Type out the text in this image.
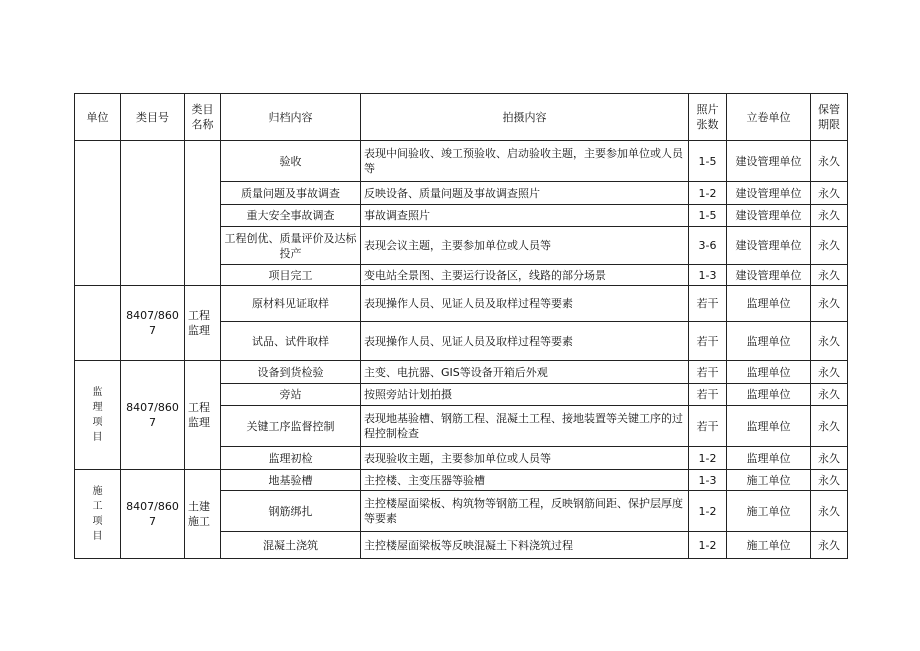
单位	类目号	类目名称	归档内容	拍摄内容	照片张数	立卷单位	保管期限

			验收	表现中间验收、竣工预验收、启动验收主题，主要参加单位或人员等	1-5	建设管理单位	永久
			质量问题及事故调查	反映设备、质量问题及事故调查照片	1-2	建设管理单位	永久
			重大安全事故调查	事故调查照片	1-5	建设管理单位	永久
			工程创优、质量评价及达标投产	表现会议主题，主要参加单位或人员等	3-6	建设管理单位	永久
			项目完工	变电站全景图、主要运行设备区，线路的部分场景	1-3	建设管理单位	永久

	8407/8607	工程监理	原材料见证取样	表现操作人员、见证人员及取样过程等要素	若干	监理单位	永久
			试品、试件取样	表现操作人员、见证人员及取样过程等要素	若干	监理单位	永久

监理项目	8407/8607	工程监理	设备到货检验	主变、电抗器、GIS等设备开箱后外观	若干	监理单位	永久
			旁站	按照旁站计划拍摄	若干	监理单位	永久
			关键工序监督控制	表现地基验槽、钢筋工程、混凝土工程、接地装置等关键工序的过程控制检查	若干	监理单位	永久
			监理初检	表现验收主题，主要参加单位或人员等	1-2	监理单位	永久

施工项目	8407/8607	土建施工	地基验槽	主控楼、主变压器等验槽	1-3	施工单位	永久
			钢筋绑扎	主控楼屋面梁板、构筑物等钢筋工程，反映钢筋间距、保护层厚度等要素	1-2	施工单位	永久
			混凝土浇筑	主控楼屋面梁板等反映混凝土下料浇筑过程	1-2	施工单位	永久
